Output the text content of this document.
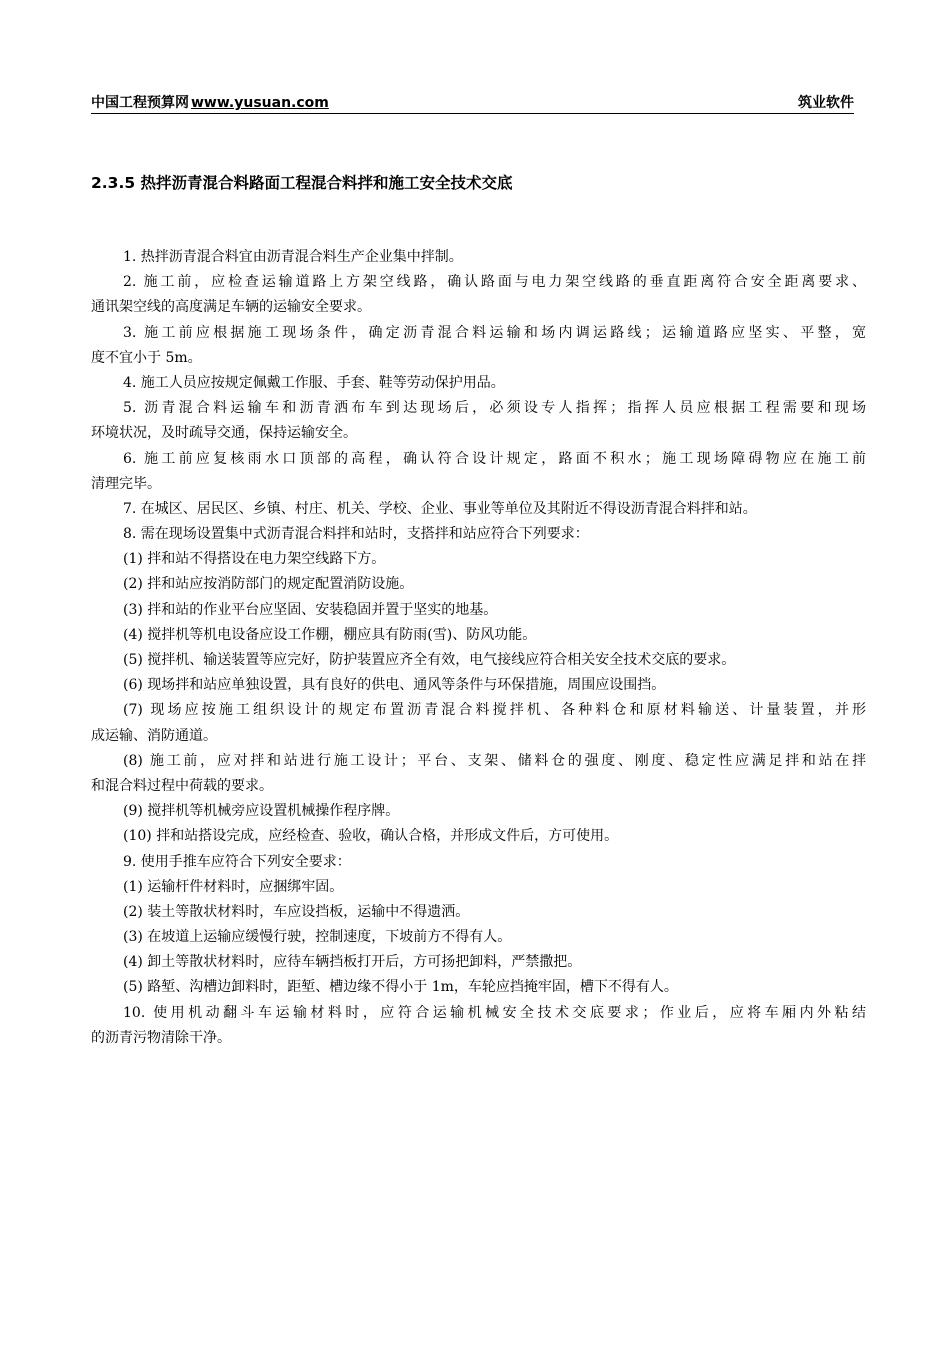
中国工程预算网 www.yusuan.com	筑业软件
2.3.5 热拌沥青混合料路面工程混合料拌和施工安全技术交底
1. 热拌沥青混合料宜由沥青混合料生产企业集中拌制。
2. 施工前，应检查运输道路上方架空线路，确认路面与电力架空线路的垂直距离符合安全距离要求、
通讯架空线的高度满足车辆的运输安全要求。
3. 施工前应根据施工现场条件，确定沥青混合料运输和场内调运路线；运输道路应坚实、平整，宽
度不宜小于 5m。
4. 施工人员应按规定佩戴工作服、手套、鞋等劳动保护用品。
5. 沥青混合料运输车和沥青洒布车到达现场后，必须设专人指挥；指挥人员应根据工程需要和现场
环境状况，及时疏导交通，保持运输安全。
6. 施工前应复核雨水口顶部的高程，确认符合设计规定，路面不积水；施工现场障碍物应在施工前
清理完毕。
7. 在城区、居民区、乡镇、村庄、机关、学校、企业、事业等单位及其附近不得设沥青混合料拌和站。
8. 需在现场设置集中式沥青混合料拌和站时，支搭拌和站应符合下列要求：
(1) 拌和站不得搭设在电力架空线路下方。
(2) 拌和站应按消防部门的规定配置消防设施。
(3) 拌和站的作业平台应坚固、安装稳固并置于坚实的地基。
(4) 搅拌机等机电设备应设工作棚，棚应具有防雨(雪)、防风功能。
(5) 搅拌机、输送装置等应完好，防护装置应齐全有效，电气接线应符合相关安全技术交底的要求。
(6) 现场拌和站应单独设置，具有良好的供电、通风等条件与环保措施，周围应设围挡。
(7) 现场应按施工组织设计的规定布置沥青混合料搅拌机、各种料仓和原材料输送、计量装置，并形
成运输、消防通道。
(8) 施工前，应对拌和站进行施工设计；平台、支架、储料仓的强度、刚度、稳定性应满足拌和站在拌
和混合料过程中荷载的要求。
(9) 搅拌机等机械旁应设置机械操作程序牌。
(10) 拌和站搭设完成，应经检查、验收，确认合格，并形成文件后，方可使用。
9. 使用手推车应符合下列安全要求：
(1) 运输杆件材料时，应捆绑牢固。
(2) 装土等散状材料时，车应设挡板，运输中不得遗洒。
(3) 在坡道上运输应缓慢行驶，控制速度，下坡前方不得有人。
(4) 卸土等散状材料时，应待车辆挡板打开后，方可扬把卸料，严禁撒把。
(5) 路堑、沟槽边卸料时，距堑、槽边缘不得小于 1m，车轮应挡掩牢固，槽下不得有人。
10. 使用机动翻斗车运输材料时，应符合运输机械安全技术交底要求；作业后，应将车厢内外粘结
的沥青污物清除干净。
